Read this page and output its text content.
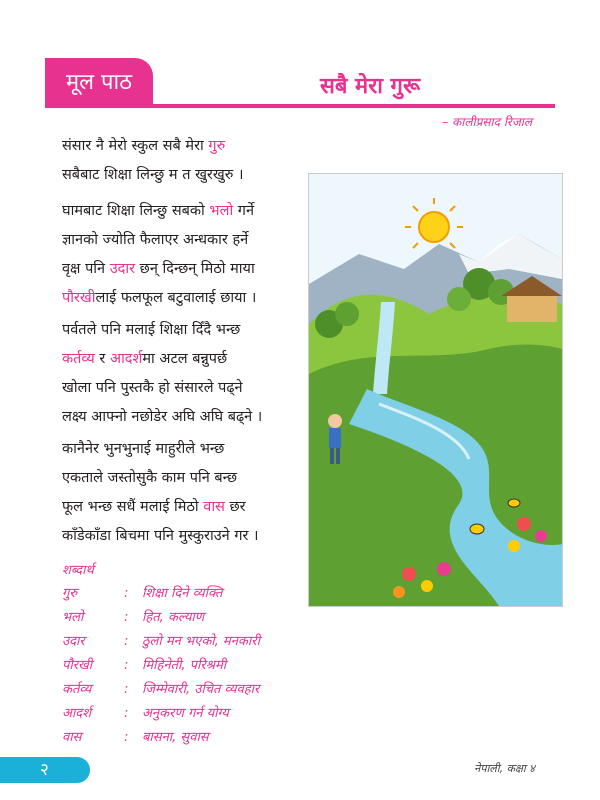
मूल पाठ	सबै मेरा गुरू
– कालीप्रसाद रिजाल
संसार नै मेरो स्कुल सबै मेरा गुरु
सबैबाट शिक्षा लिन्छु म त खुरखुरु ।
घामबाट शिक्षा लिन्छु सबको भलो गर्ने
ज्ञानको ज्योति फैलाएर अन्धकार हर्ने
वृक्ष पनि उदार छन् दिन्छन् मिठो माया
पौरखीलाई फलफूल बटुवालाई छाया ।
पर्वतले पनि मलाई शिक्षा दिँदै भन्छ
कर्तव्य र आदर्शमा अटल बन्नुपर्छ
खोला पनि पुस्तकै हो संसारले पढ्ने
लक्ष्य आफ्नो नछोडेर अघि अघि बढ्ने ।
कानैनेर भुनभुनाई माहुरीले भन्छ
एकताले जस्तोसुकै काम पनि बन्छ
फूल भन्छ सधैं मलाई मिठो वास छर
काँडेकाँडा बिचमा पनि मुस्कुराउने गर ।
शब्दार्थ
गुरु	:	शिक्षा दिने व्यक्ति
भलो	:	हित, कल्याण
उदार	:	ठुलो मन भएको, मनकारी
पौरखी	:	मिहिनेती, परिश्रमी
कर्तव्य	:	जिम्मेवारी, उचित व्यवहार
आदर्श	:	अनुकरण गर्न योग्य
वास	:	बासना, सुवास
२	नेपाली, कक्षा ४
